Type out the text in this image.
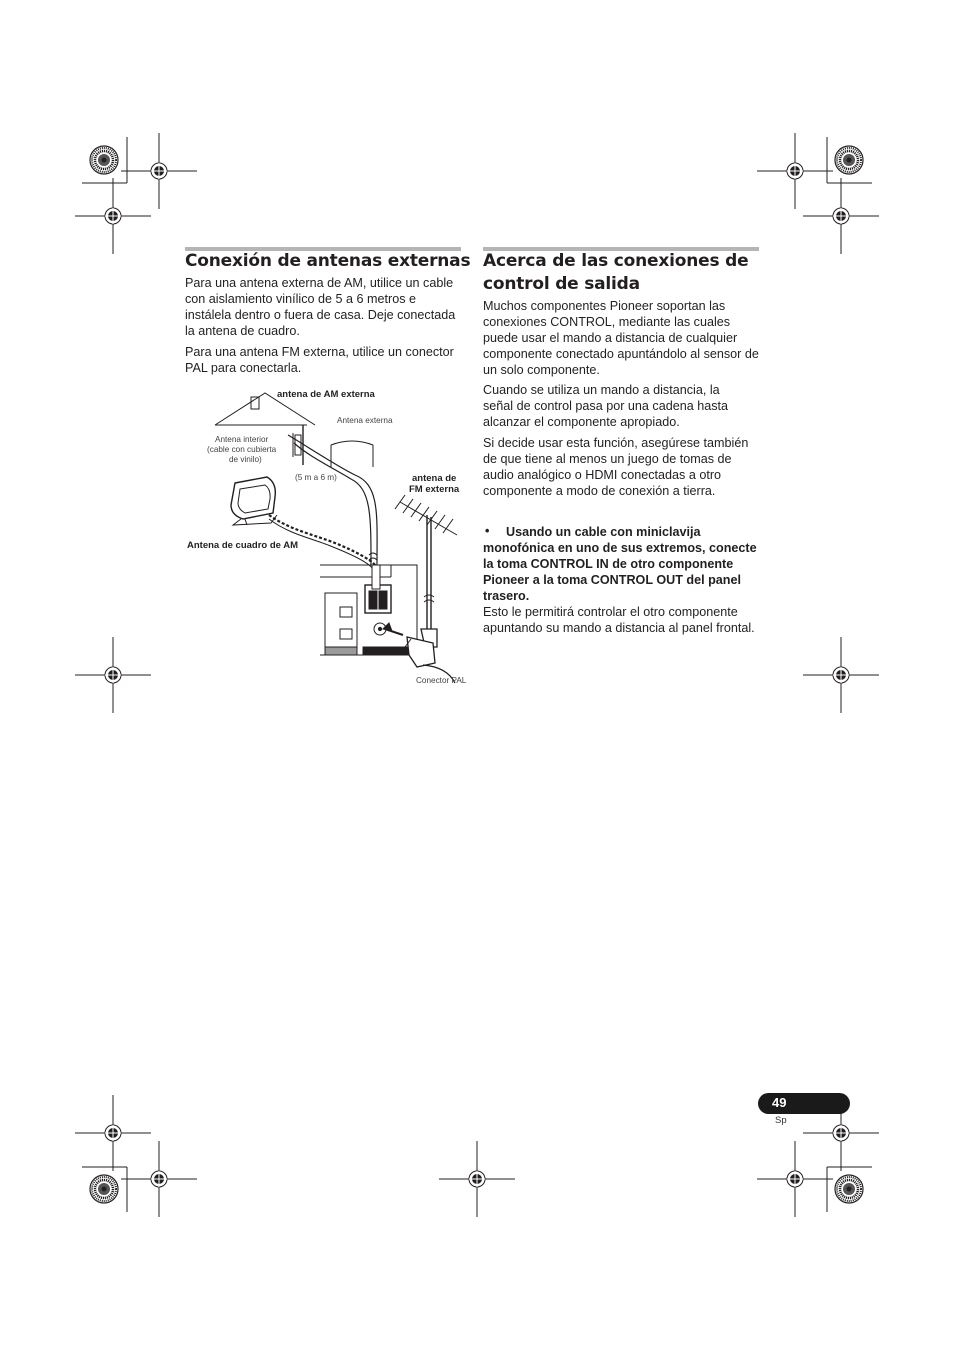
Conexión de antenas externas

Para una antena externa de AM, utilice un cable con aislamiento vinílico de 5 a 6 metros e instálela dentro o fuera de casa. Deje conectada la antena de cuadro.

Para una antena FM externa, utilice un conector PAL para conectarla.

antena de AM externa
Antena externa
Antena interior
(cable con cubierta
de vinilo)
(5 m a 6 m)	antena de
FM externa
Antena de cuadro de AM
Conector PAL
Acerca de las conexiones de
control de salida

Muchos componentes Pioneer soportan las conexiones CONTROL, mediante las cuales puede usar el mando a distancia de cualquier componente conectado apuntándolo al sensor de un solo componente.

Cuando se utiliza un mando a distancia, la señal de control pasa por una cadena hasta alcanzar el componente apropiado.

Si decide usar esta función, asegúrese también de que tiene al menos un juego de tomas de audio analógico o HDMI conectadas a otro componente a modo de conexión a tierra.

•	Usando un cable con miniclavija monofónica en uno de sus extremos, conecte la toma CONTROL IN de otro componente Pioneer a la toma CONTROL OUT del panel trasero.

Esto le permitirá controlar el otro componente apuntando su mando a distancia al panel frontal.

49
Sp
